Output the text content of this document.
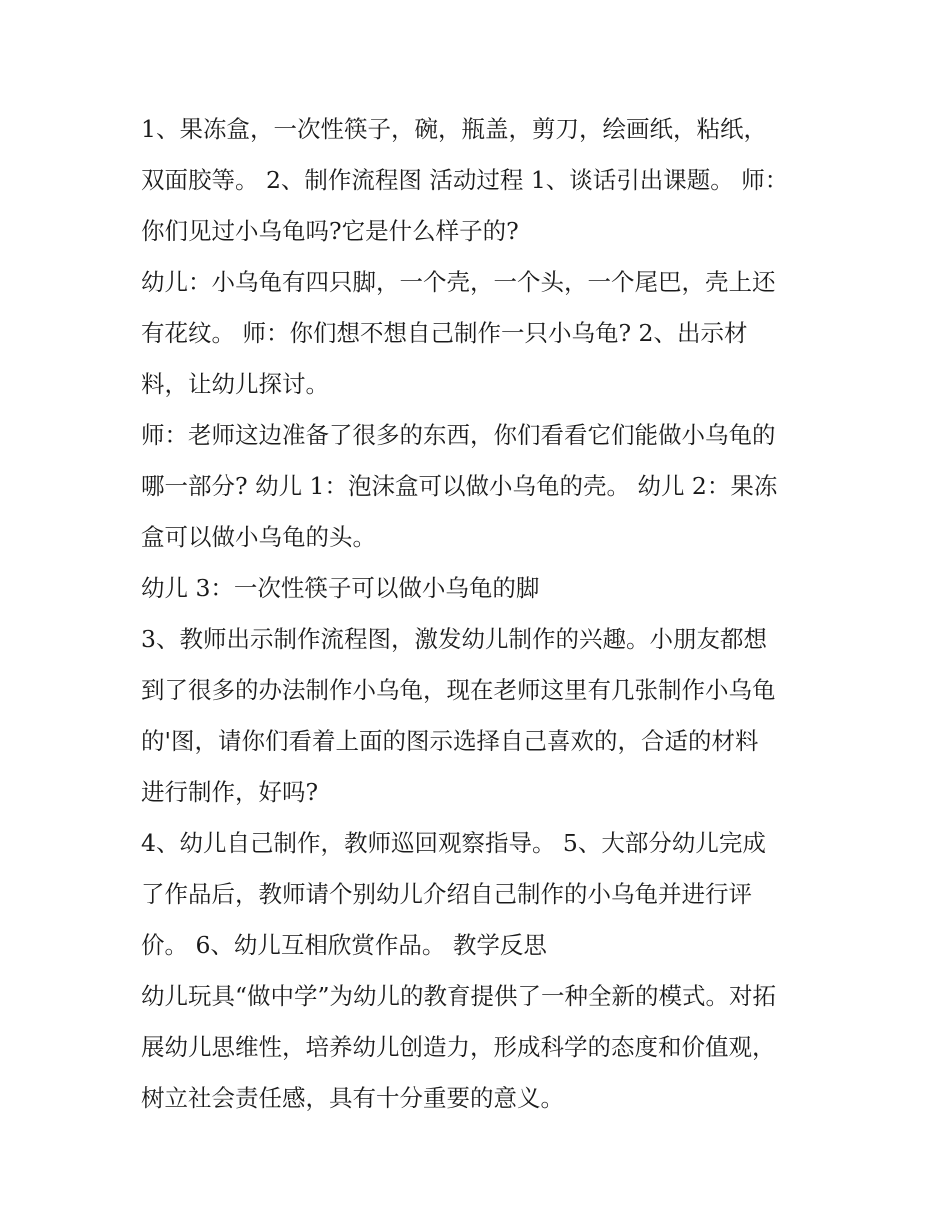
1、果冻盒，一次性筷子，碗，瓶盖，剪刀，绘画纸，粘纸，
双面胶等。 2、制作流程图 活动过程 1、谈话引出课题。 师：
你们见过小乌龟吗?它是什么样子的?
幼儿：小乌龟有四只脚，一个壳，一个头，一个尾巴，壳上还
有花纹。 师：你们想不想自己制作一只小乌龟? 2、出示材
料，让幼儿探讨。
师：老师这边准备了很多的东西，你们看看它们能做小乌龟的
哪一部分? 幼儿 1：泡沫盒可以做小乌龟的壳。 幼儿 2：果冻
盒可以做小乌龟的头。
幼儿 3：一次性筷子可以做小乌龟的脚
3、教师出示制作流程图，激发幼儿制作的兴趣。小朋友都想
到了很多的办法制作小乌龟，现在老师这里有几张制作小乌龟
的'图，请你们看着上面的图示选择自己喜欢的，合适的材料
进行制作，好吗?
4、幼儿自己制作，教师巡回观察指导。 5、大部分幼儿完成
了作品后，教师请个别幼儿介绍自己制作的小乌龟并进行评
价。 6、幼儿互相欣赏作品。 教学反思
幼儿玩具“做中学”为幼儿的教育提供了一种全新的模式。对拓
展幼儿思维性，培养幼儿创造力，形成科学的态度和价值观，
树立社会责任感，具有十分重要的意义。
